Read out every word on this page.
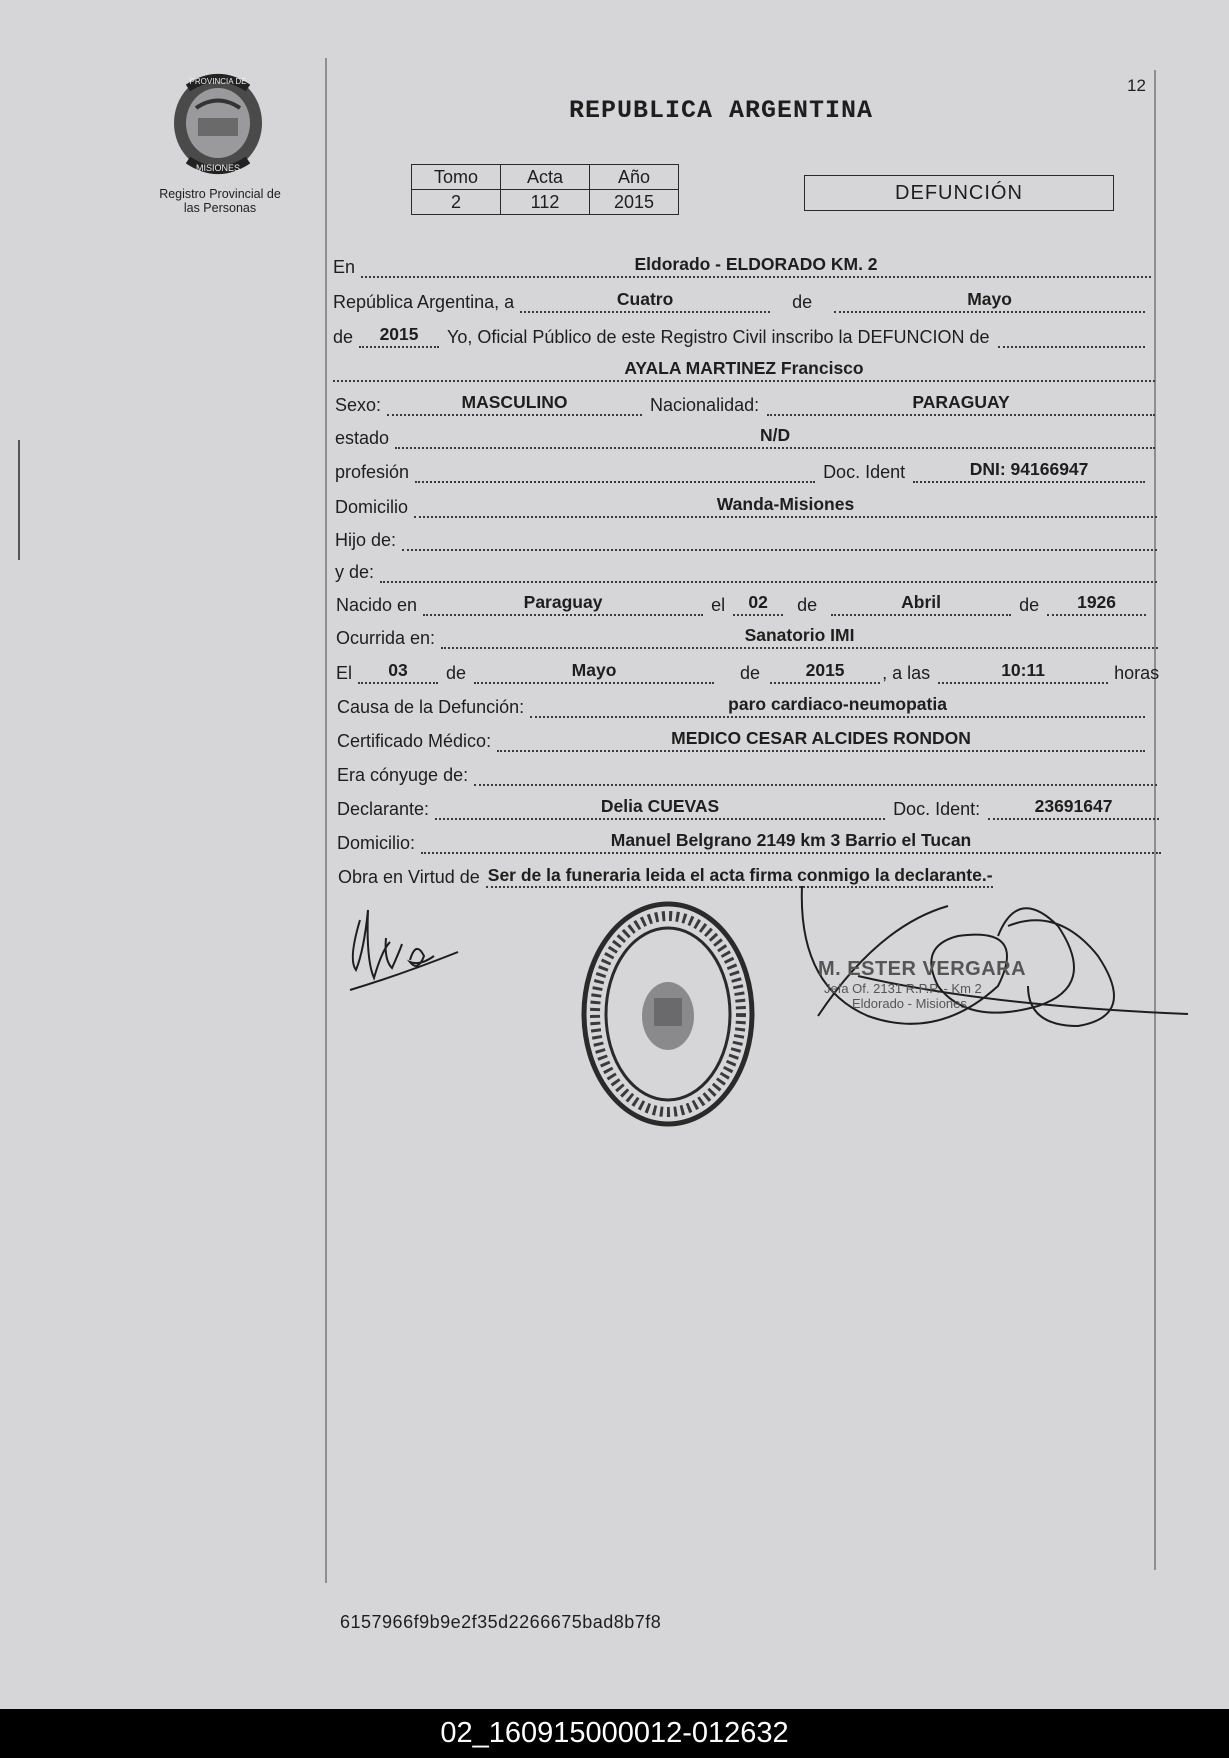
12
PROVINCIA DE
MISIONES
Registro Provincial de
las Personas
REPUBLICA ARGENTINA
Tomo	Acta	Año
2	112	2015	DEFUNCIÓN
En	Eldorado - ELDORADO KM. 2
República Argentina, a	Cuatro	de	Mayo
de	2015	Yo, Oficial Público de este Registro Civil inscribo la DEFUNCION de
AYALA MARTINEZ Francisco
Sexo:	MASCULINO	Nacionalidad:	PARAGUAY
estado	N/D
profesión	Doc. Ident	DNI: 94166947
Domicilio	Wanda-Misiones
Hijo de:
y de:
Nacido en	Paraguay	el	02	de	Abril	de	1926
Ocurrida en:	Sanatorio IMI
El	03	de	Mayo	de	2015	, a las	10:11	horas
Causa de la Defunción:	paro cardiaco-neumopatia
Certificado Médico:	MEDICO CESAR ALCIDES RONDON
Era cónyuge de:
Declarante:	Delia CUEVAS	Doc. Ident:	23691647
Domicilio:	Manuel Belgrano 2149 km 3 Barrio el Tucan
Obra en Virtud de Ser de la funeraria leida el acta firma conmigo la declarante.-
M. ESTER VERGARA
Jefa Of. 2131 R.P.P. - Km 2
Eldorado - Misiones
6157966f9b9e2f35d2266675bad8b7f8
02_160915000012-012632
